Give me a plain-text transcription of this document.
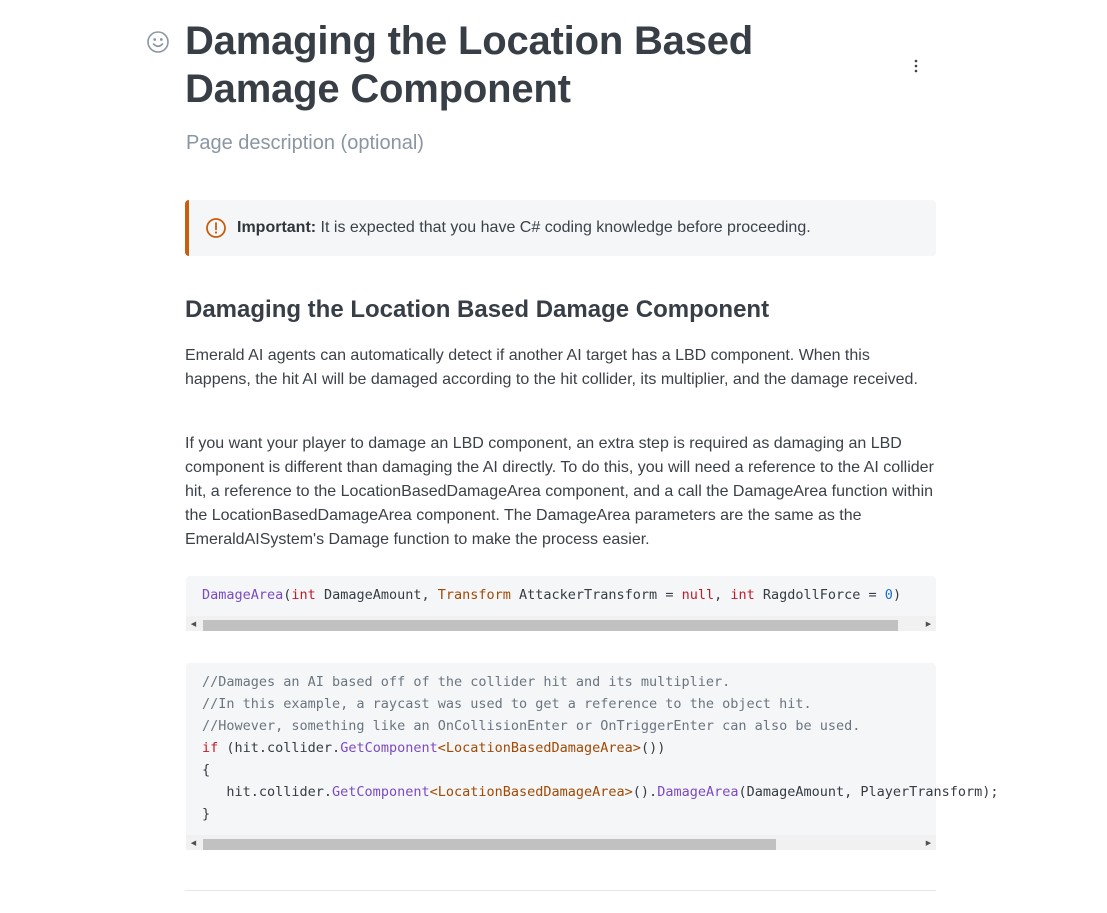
Damaging the Location Based Damage Component
Page description (optional)
Important: It is expected that you have C# coding knowledge before proceeding.
Damaging the Location Based Damage Component

Emerald AI agents can automatically detect if another AI target has a LBD component. When this happens, the hit AI will be damaged according to the hit collider, its multiplier, and the damage received.

If you want your player to damage an LBD component, an extra step is required as damaging an LBD component is different than damaging the AI directly. To do this, you will need a reference to the AI collider hit, a reference to the LocationBasedDamageArea component, and a call the DamageArea function within the LocationBasedDamageArea component. The DamageArea parameters are the same as the EmeraldAISystem's Damage function to make the process easier.

DamageArea(int DamageAmount, Transform AttackerTransform = null, int RagdollForce = 0)
◀	▶
//Damages an AI based off of the collider hit and its multiplier.
//In this example, a raycast was used to get a reference to the object hit.
//However, something like an OnCollisionEnter or OnTriggerEnter can also be used.
if (hit.collider.GetComponent<LocationBasedDamageArea>())
{
hit.collider.GetComponent<LocationBasedDamageArea>().DamageArea(DamageAmount, PlayerTransform);
}
◀	▶
